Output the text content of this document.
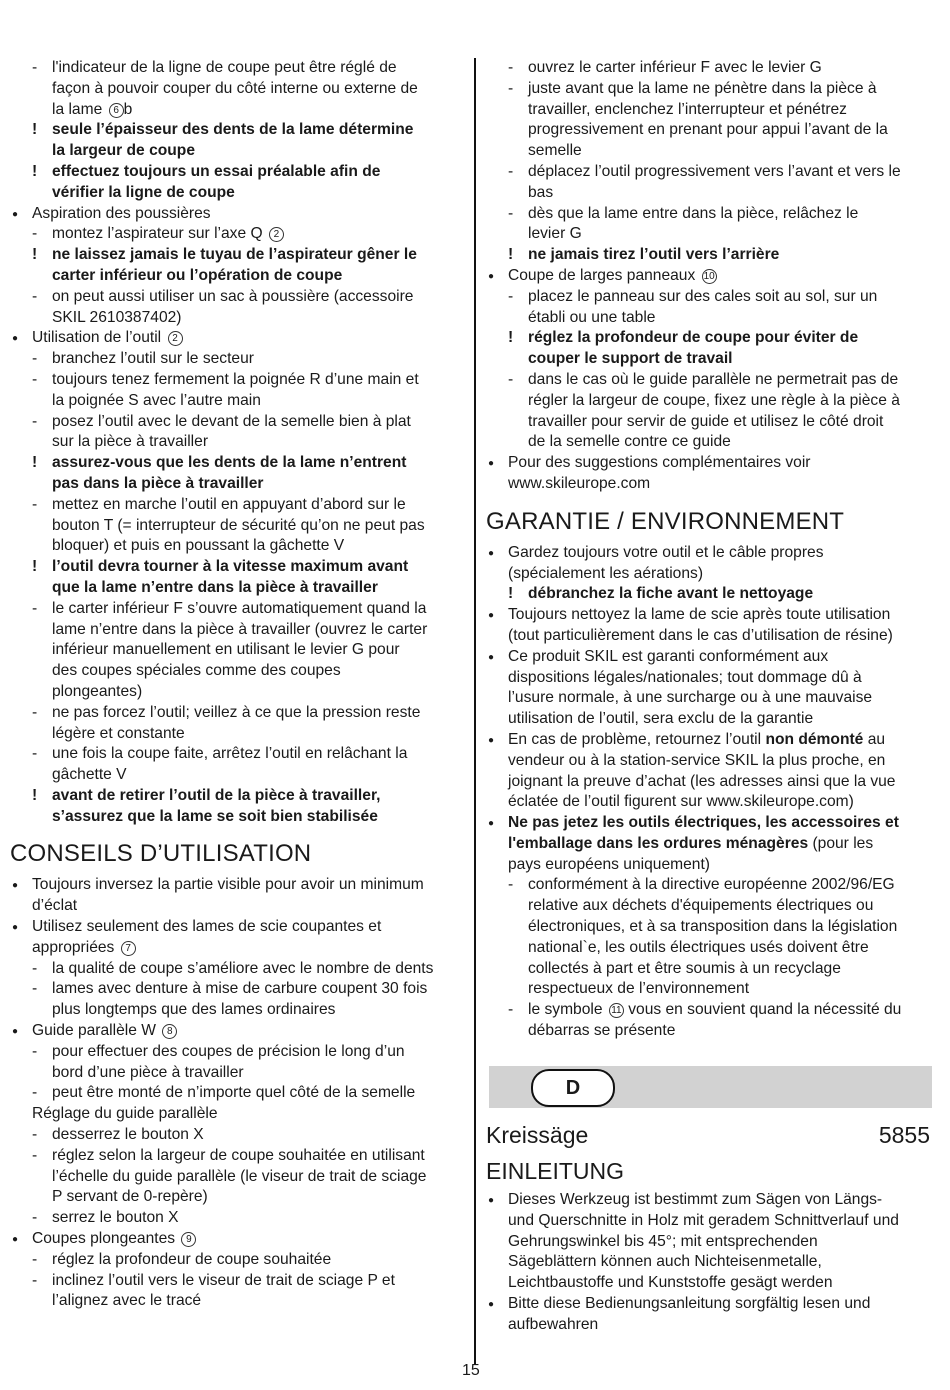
- l'indicateur de la ligne de coupe peut être réglé de
façon à pouvoir couper du côté interne ou externe de
la lame 6 b
! seule l’épaisseur des dents de la lame détermine
la largeur de coupe
! effectuez toujours un essai préalable afin de
vérifier la ligne de coupe
● Aspiration des poussières
- montez l’aspirateur sur l’axe Q 2
! ne laissez jamais le tuyau de l’aspirateur gêner le
carter inférieur ou l’opération de coupe
- on peut aussi utiliser un sac à poussière (accessoire
SKIL 2610387402)
● Utilisation de l’outil 2
- branchez l’outil sur le secteur
- toujours tenez fermement la poignée R d’une main et
la poignée S avec l’autre main
- posez l’outil avec le devant de la semelle bien à plat
sur la pièce à travailler
! assurez-vous que les dents de la lame n’entrent
pas dans la pièce à travailler
- mettez en marche l’outil en appuyant d’abord sur le
bouton T (= interrupteur de sécurité qu’on ne peut pas
bloquer) et puis en poussant la gâchette V
! l’outil devra tourner à la vitesse maximum avant
que la lame n’entre dans la pièce à travailler
- le carter inférieur F s’ouvre automatiquement quand la
lame n’entre dans la pièce à travailler (ouvrez le carter
inférieur manuellement en utilisant le levier G pour
des coupes spéciales comme des coupes
plongeantes)
- ne pas forcez l’outil; veillez à ce que la pression reste
légère et constante
- une fois la coupe faite, arrêtez l’outil en relâchant la
gâchette V
! avant de retirer l’outil de la pièce à travailler,
s’assurez que la lame se soit bien stabilisée
CONSEILS D’UTILISATION
● Toujours inversez la partie visible pour avoir un minimum
d’éclat
● Utilisez seulement des lames de scie coupantes et
appropriées 7
- la qualité de coupe s’améliore avec le nombre de dents
- lames avec denture à mise de carbure coupent 30 fois
plus longtemps que des lames ordinaires
● Guide parallèle W 8
- pour effectuer des coupes de précision le long d’un
bord d’une pièce à travailler
- peut être monté de n’importe quel côté de la semelle
Réglage du guide parallèle
- desserrez le bouton X
- réglez selon la largeur de coupe souhaitée en utilisant
l’échelle du guide parallèle (le viseur de trait de sciage
P servant de 0-repère)
- serrez le bouton X
● Coupes plongeantes 9
- réglez la profondeur de coupe souhaitée
- inclinez l’outil vers le viseur de trait de sciage P et
l’alignez avec le tracé
- ouvrez le carter inférieur F avec le levier G
- juste avant que la lame ne pénètre dans la pièce à
travailler, enclenchez l’interrupteur et pénétrez
progressivement en prenant pour appui l’avant de la
semelle
- déplacez l’outil progressivement vers l’avant et vers le
bas
- dès que la lame entre dans la pièce, relâchez le
levier G
! ne jamais tirez l’outil vers l’arrière
● Coupe de larges panneaux 10
- placez le panneau sur des cales soit au sol, sur un
établi ou une table
! réglez la profondeur de coupe pour éviter de
couper le support de travail
- dans le cas où le guide parallèle ne permetrait pas de
régler la largeur de coupe, fixez une règle à la pièce à
travailler pour servir de guide et utilisez le côté droit
de la semelle contre ce guide
● Pour des suggestions complémentaires voir
www.skileurope.com
GARANTIE / ENVIRONNEMENT
● Gardez toujours votre outil et le câble propres
(spécialement les aérations)
! débranchez la fiche avant le nettoyage
● Toujours nettoyez la lame de scie après toute utilisation
(tout particulièrement dans le cas d’utilisation de résine)
● Ce produit SKIL est garanti conformément aux
dispositions légales/nationales; tout dommage dû à
l’usure normale, à une surcharge ou à une mauvaise
utilisation de l’outil, sera exclu de la garantie
● En cas de problème, retournez l’outil non démonté au
vendeur ou à la station-service SKIL la plus proche, en
joignant la preuve d’achat (les adresses ainsi que la vue
éclatée de l’outil figurent sur www.skileurope.com)
● Ne pas jetez les outils électriques, les accessoires et
l'emballage dans les ordures ménagères (pour les
pays européens uniquement)
- conformément à la directive européenne 2002/96/EG
relative aux déchets d'équipements électriques ou
électroniques, et à sa transposition dans la législation
national`e, les outils électriques usés doivent être
collectés à part et être soumis à un recyclage
respectueux de l’environnement
- le symbole 11 vous en souvient quand la nécessité du
débarras se présente
D
Kreissäge	5855
EINLEITUNG
● Dieses Werkzeug ist bestimmt zum Sägen von Längs-
und Querschnitte in Holz mit geradem Schnittverlauf und
Gehrungswinkel bis 45°; mit entsprechenden
Sägeblättern können auch Nichteisenmetalle,
Leichtbaustoffe und Kunststoffe gesägt werden
● Bitte diese Bedienungsanleitung sorgfältig lesen und
aufbewahren
15
